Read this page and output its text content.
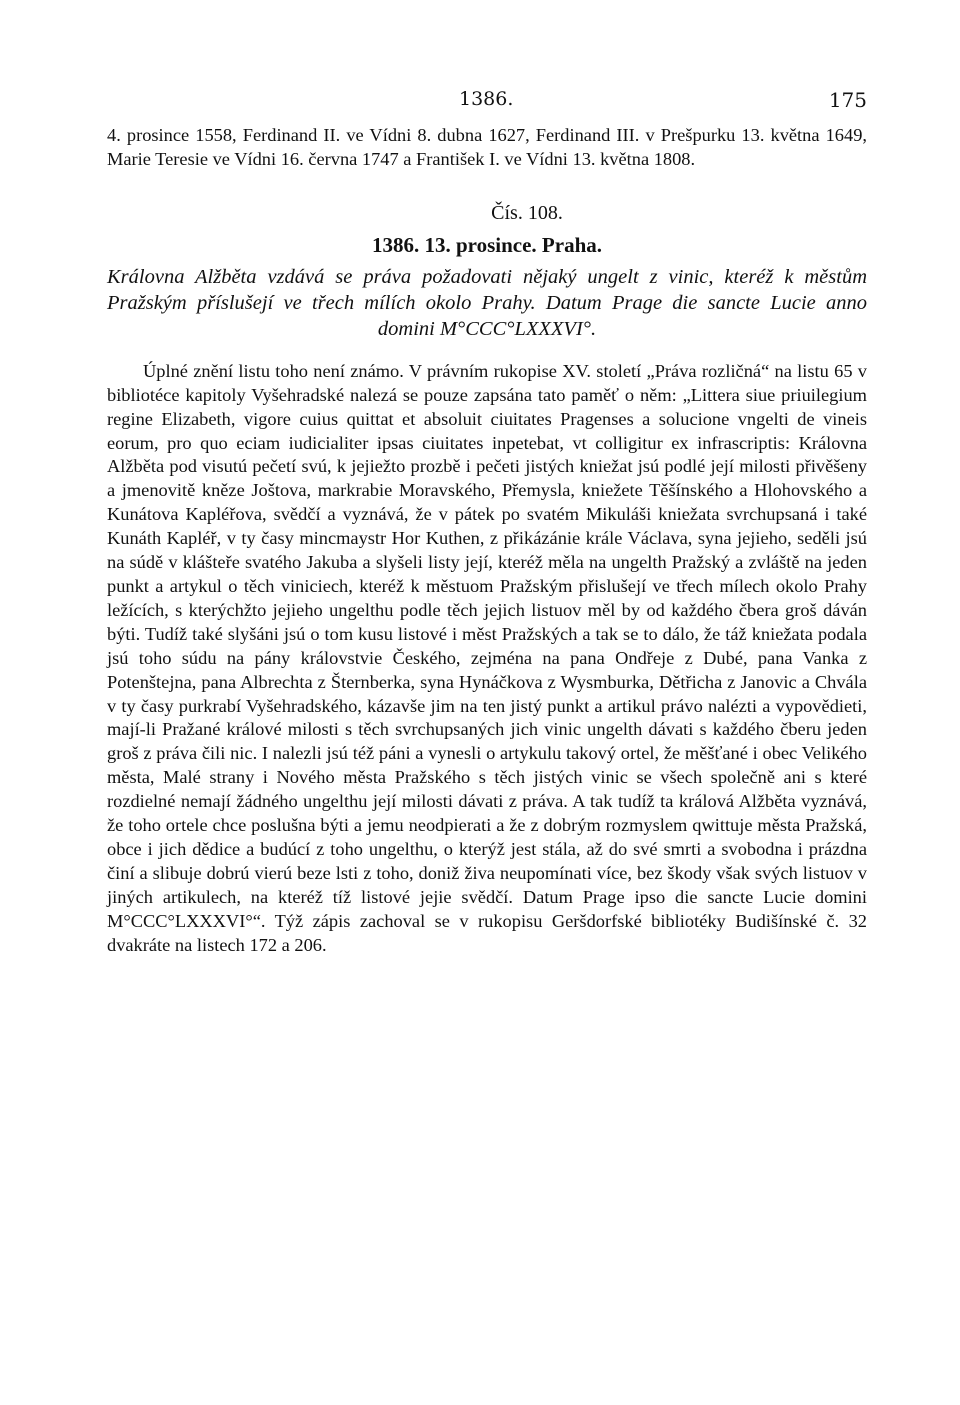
1386.	175

4. prosince 1558, Ferdinand II. ve Vídni 8. dubna 1627, Ferdinand III. v Prešpurku 13. května 1649, Marie Teresie ve Vídni 16. června 1747 a František I. ve Vídni 13. května 1808.

Čís. 108.
1386. 13. prosince. Praha.

Královna Alžběta vzdává se práva požadovati nějaký ungelt z vinic, kteréž k městům Pražským příslušejí ve třech mílích okolo Prahy. Datum Prage die sancte Lucie anno domini M°CCC°LXXXVI°.

Úplné znění listu toho není známo. V právním rukopise XV. století „Práva rozličná“ na listu 65 v bibliotéce kapitoly Vyšehradské nalezá se pouze zapsána tato paměť o něm: „Littera siue priuilegium regine Elizabeth, vigore cuius quittat et absoluit ciuitates Pragenses a solucione vngelti de vineis eorum, pro quo eciam iudicialiter ipsas ciuitates inpetebat, vt colligitur ex infrascriptis: Královna Alžběta pod visutú pečetí svú, k jejiežto prozbě i pečeti jistých kniežat jsú podlé její milosti přivěšeny a jmenovitě kněze Joštova, markrabie Moravského, Přemysla, kniežete Těšínského a Hlohovského a Kunátova Kapléřova, svědčí a vyznává, že v pátek po svatém Mikuláši kniežata svrchupsaná i také Kunáth Kapléř, v ty časy mincmaystr Hor Kuthen, z přikázánie krále Václava, syna jejieho, seděli jsú na súdě v klášteře svatého Jakuba a slyšeli listy její, kteréž měla na ungelth Pražský a zvláště na jeden punkt a artykul o těch viniciech, kteréž k městuom Pražským přislušejí ve třech mílech okolo Prahy ležících, s kterýchžto jejieho ungelthu podle těch jejich listuov měl by od každého čbera groš dáván býti. Tudíž také slyšáni jsú o tom kusu listové i měst Pražských a tak se to dálo, že táž kniežata podala jsú toho súdu na pány královstvie Českého, zejména na pana Ondřeje z Dubé, pana Vanka z Potenštejna, pana Albrechta z Šternberka, syna Hynáčkova z Wysmburka, Dětřicha z Janovic a Chvála v ty časy purkrabí Vyšehradského, kázavše jim na ten jistý punkt a artikul právo nalézti a vypovědieti, mají-li Pražané králové milosti s těch svrchupsaných jich vinic ungelth dávati s každého čberu jeden groš z práva čili nic. I nalezli jsú též páni a vynesli o artykulu takový ortel, že měšťané i obec Velikého města, Malé strany i Nového města Pražského s těch jistých vinic se všech společně ani s které rozdielné nemají žádného ungelthu její milosti dávati z práva. A tak tudíž ta králová Alžběta vyznává, že toho ortele chce poslušna býti a jemu neodpierati a že z dobrým rozmyslem qwittuje města Pražská, obce i jich dědice a budúcí z toho ungelthu, o kterýž jest stála, až do své smrti a svobodna i prázdna činí a slibuje dobrú vierú beze lsti z toho, doniž živa neupomínati více, bez škody však svých listuov v jiných artikulech, na kteréž tíž listové jejie svědčí. Datum Prage ipso die sancte Lucie domini M°CCC°LXXXVI°“. Týž zápis zachoval se v rukopisu Geršdorfské bibliotéky Budišínské č. 32 dvakráte na listech 172 a 206.
